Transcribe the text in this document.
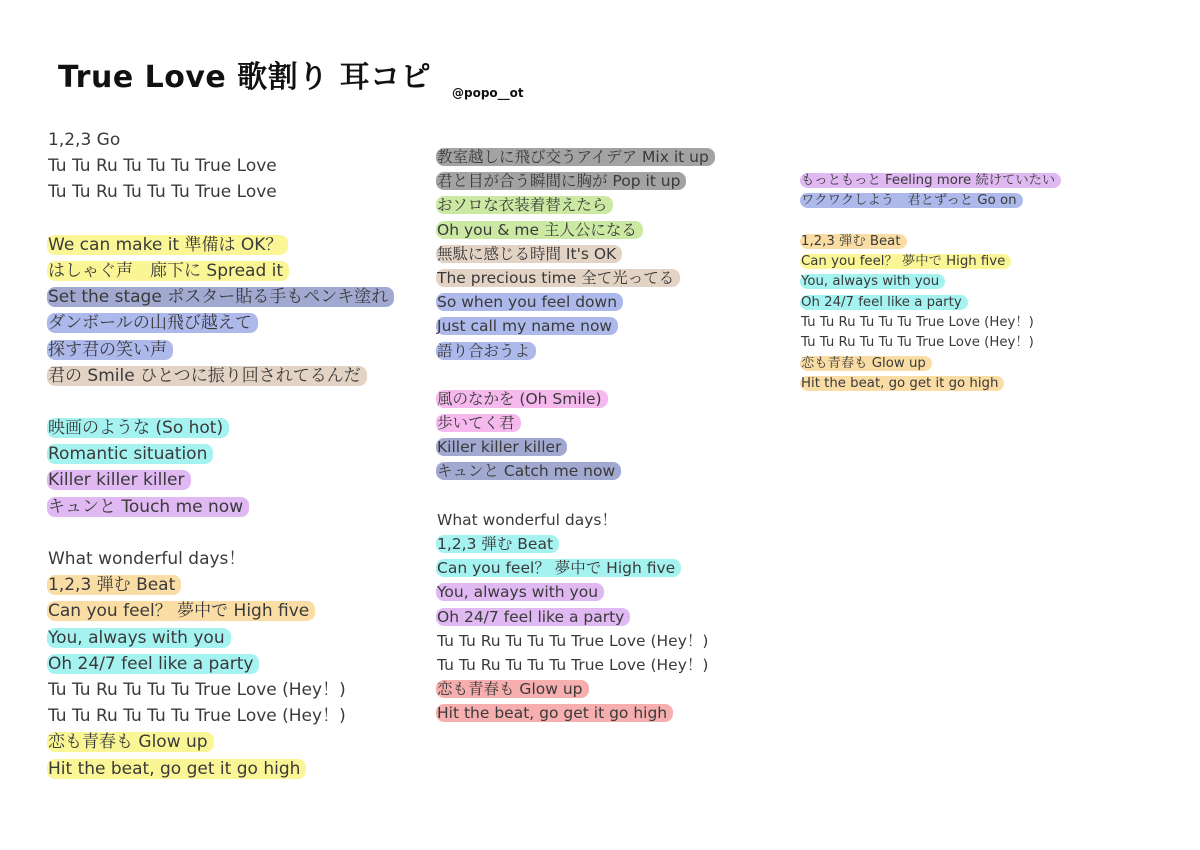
True Love 歌割り 耳コピ @popo__ot
1,2,3 Go
Tu Tu Ru Tu Tu Tu True Love
Tu Tu Ru Tu Tu Tu True Love
We can make it 準備は OK？
はしゃぐ声　廊下に Spread it
Set the stage ポスター貼る手もペンキ塗れ
ダンボールの山飛び越えて
探す君の笑い声
君の Smile ひとつに振り回されてるんだ
映画のような (So hot)
Romantic situation
Killer killer killer
キュンと Touch me now
What wonderful days！
1,2,3 弾む Beat
Can you feel？ 夢中で High five
You, always with you
Oh 24/7 feel like a party
Tu Tu Ru Tu Tu Tu True Love (Hey！)
Tu Tu Ru Tu Tu Tu True Love (Hey！)
恋も青春も Glow up
Hit the beat, go get it go high
教室越しに飛び交うアイデア Mix it up
君と目が合う瞬間に胸が Pop it up
おソロな衣装着替えたら
Oh you & me 主人公になる
無駄に感じる時間 It's OK
The precious time 全て光ってる
So when you feel down
Just call my name now
語り合おうよ
風のなかを (Oh Smile)
歩いてく君
Killer killer killer
キュンと Catch me now
What wonderful days！
1,2,3 弾む Beat
Can you feel？ 夢中で High five
You, always with you
Oh 24/7 feel like a party
Tu Tu Ru Tu Tu Tu True Love (Hey！)
Tu Tu Ru Tu Tu Tu True Love (Hey！)
恋も青春も Glow up
Hit the beat, go get it go high
もっともっと Feeling more 続けていたい
ワクワクしよう　君とずっと Go on
1,2,3 弾む Beat
Can you feel？ 夢中で High five
You, always with you
Oh 24/7 feel like a party
Tu Tu Ru Tu Tu Tu True Love (Hey！)
Tu Tu Ru Tu Tu Tu True Love (Hey！)
恋も青春も Glow up
Hit the beat, go get it go high
